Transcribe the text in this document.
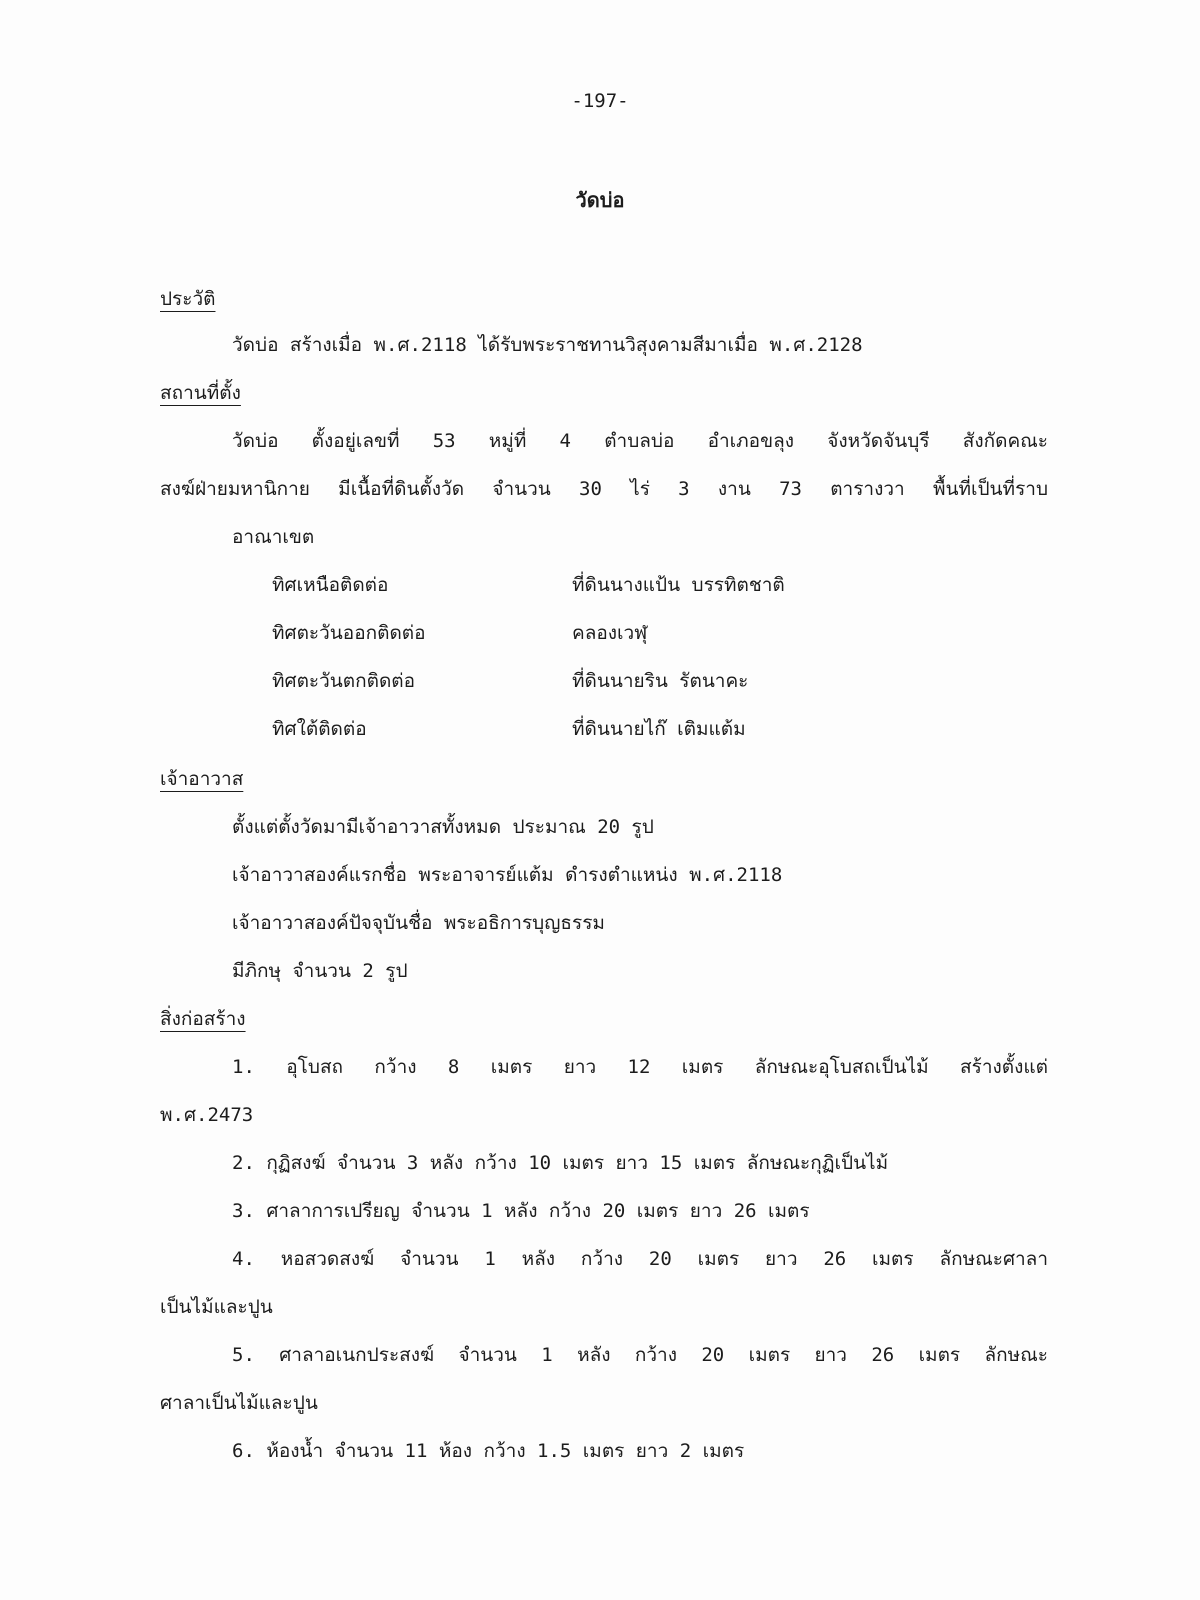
-197-
วัดบ่อ
ประวัติ
วัดบ่อ สร้างเมื่อ พ.ศ.2118 ได้รับพระราชทานวิสุงคามสีมาเมื่อ พ.ศ.2128
สถานที่ตั้ง
วัดบ่อ ตั้งอยู่เลขที่ 53 หมู่ที่ 4 ตำบลบ่อ อำเภอขลุง จังหวัดจันบุรี สังกัดคณะ
สงฆ์ฝ่ายมหานิกาย มีเนื้อที่ดินตั้งวัด จำนวน 30 ไร่ 3 งาน 73 ตารางวา พื้นที่เป็นที่ราบ
อาณาเขต
ทิศเหนือติดต่อ	ที่ดินนางแป้น บรรทิตชาติ
ทิศตะวันออกติดต่อ	คลองเวฬุ
ทิศตะวันตกติดต่อ	ที่ดินนายริน รัตนาคะ
ทิศใต้ติดต่อ	ที่ดินนายไก๊ เติมแต้ม
เจ้าอาวาส
ตั้งแต่ตั้งวัดมามีเจ้าอาวาสทั้งหมด ประมาณ 20 รูป
เจ้าอาวาสองค์แรกชื่อ พระอาจารย์แต้ม ดำรงตำแหน่ง พ.ศ.2118
เจ้าอาวาสองค์ปัจจุบันชื่อ พระอธิการบุญธรรม
มีภิกษุ จำนวน 2 รูป
สิ่งก่อสร้าง
1. อุโบสถ กว้าง 8 เมตร ยาว 12 เมตร ลักษณะอุโบสถเป็นไม้ สร้างตั้งแต่
พ.ศ.2473
2. กุฏิสงฆ์ จำนวน 3 หลัง กว้าง 10 เมตร ยาว 15 เมตร ลักษณะกุฏิเป็นไม้
3. ศาลาการเปรียญ จำนวน 1 หลัง กว้าง 20 เมตร ยาว 26 เมตร
4. หอสวดสงฆ์ จำนวน 1 หลัง กว้าง 20 เมตร ยาว 26 เมตร ลักษณะศาลา
เป็นไม้และปูน
5. ศาลาอเนกประสงฆ์ จำนวน 1 หลัง กว้าง 20 เมตร ยาว 26 เมตร ลักษณะ
ศาลาเป็นไม้และปูน
6. ห้องน้ำ จำนวน 11 ห้อง กว้าง 1.5 เมตร ยาว 2 เมตร
